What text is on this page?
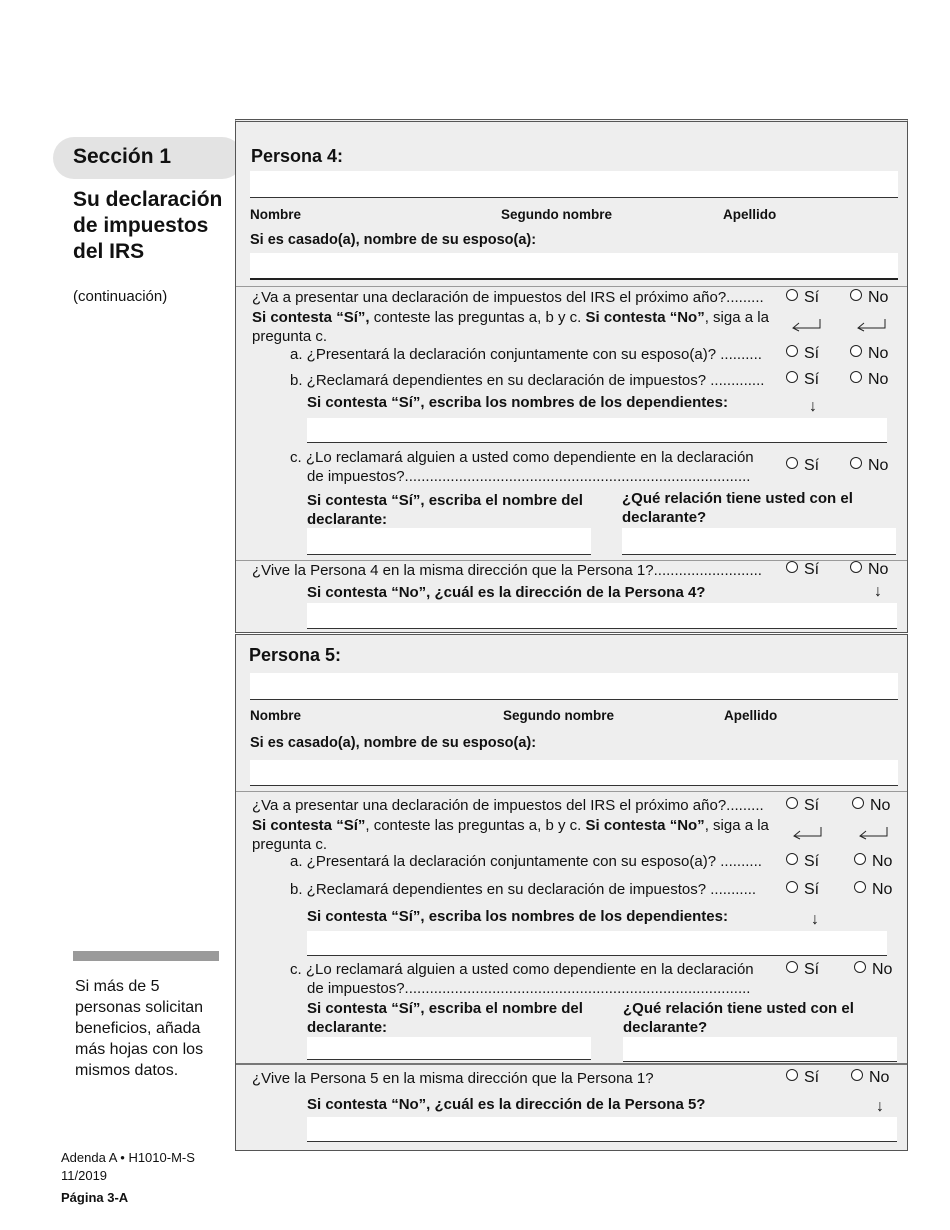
Sección 1
Su declaración de impuestos del IRS
(continuación)
Si más de 5 personas solicitan beneficios, añada más hojas con los mismos datos.
Adenda A • H1010-M-S
11/2019
Página 3-A
Persona 4:
Nombre	Segundo nombre	Apellido
Si es casado(a), nombre de su esposo(a):
¿Va a presentar una declaración de impuestos del IRS el próximo año?.........	Sí	No
Si contesta “Sí”, conteste las preguntas a, b y c. Si contesta “No”, siga a la pregunta c.
a. ¿Presentará la declaración conjuntamente con su esposo(a)? ..........	Sí	No
b. ¿Reclamará dependientes en su declaración de impuestos? .............	Sí	No
Si contesta “Sí”, escriba los nombres de los dependientes:	↓
c. ¿Lo reclamará alguien a usted como dependiente en la declaración
de impuestos?...................................................................................
Sí	No
Si contesta “Sí”, escriba el nombre del declarante:
¿Qué relación tiene usted con el declarante?
¿Vive la Persona 4 en la misma dirección que la Persona 1?..........................	Sí	No
Si contesta “No”, ¿cuál es la dirección de la Persona 4?	↓
Persona 5:
Nombre	Segundo nombre	Apellido
Si es casado(a), nombre de su esposo(a):
¿Va a presentar una declaración de impuestos del IRS el próximo año?.........	Sí	No
Si contesta “Sí”, conteste las preguntas a, b y c. Si contesta “No”, siga a la pregunta c.
a. ¿Presentará la declaración conjuntamente con su esposo(a)? ..........	Sí	No
b. ¿Reclamará dependientes en su declaración de impuestos? ...........	Sí	No
Si contesta “Sí”, escriba los nombres de los dependientes:	↓
c. ¿Lo reclamará alguien a usted como dependiente en la declaración
de impuestos?...................................................................................
Sí	No
Si contesta “Sí”, escriba el nombre del declarante:
¿Qué relación tiene usted con el declarante?
¿Vive la Persona 5 en la misma dirección que la Persona 1?	Sí	No
Si contesta “No”, ¿cuál es la dirección de la Persona 5?	↓
